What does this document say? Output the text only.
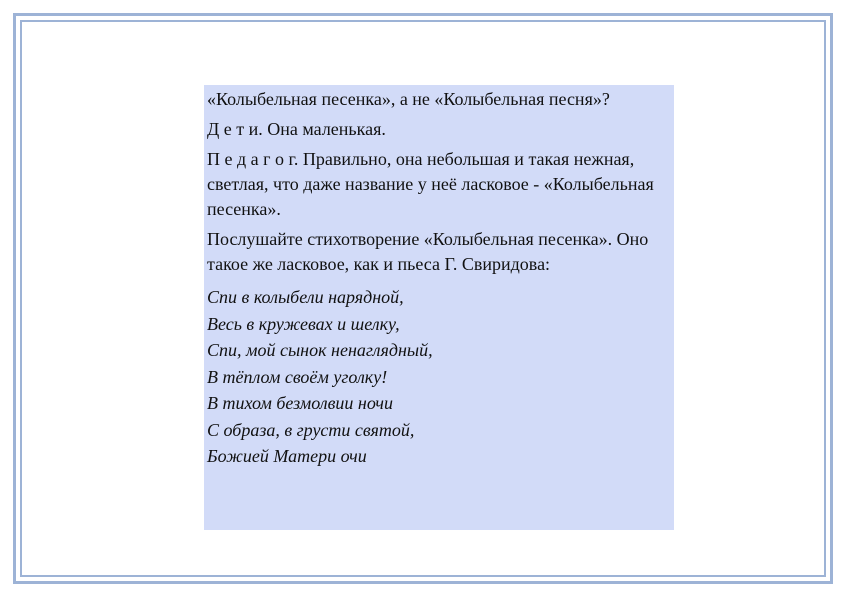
«Колыбельная песенка», а не «Колыбельная песня»?

Д е т и. Она маленькая.

П е д а г о г. Правильно, она небольшая и такая нежная, светлая, что даже название у неё ласковое - «Колыбельная песенка».

Послушайте стихотворение «Колыбельная песенка». Оно такое же ласковое, как и пьеса Г. Свиридова:

Спи в колыбели нарядной,
Весь в кружевах и шелку,
Спи, мой сынок ненаглядный,
В тёплом своём уголку!
В тихом безмолвии ночи
С образа, в грусти святой,
Божией Матери очи
